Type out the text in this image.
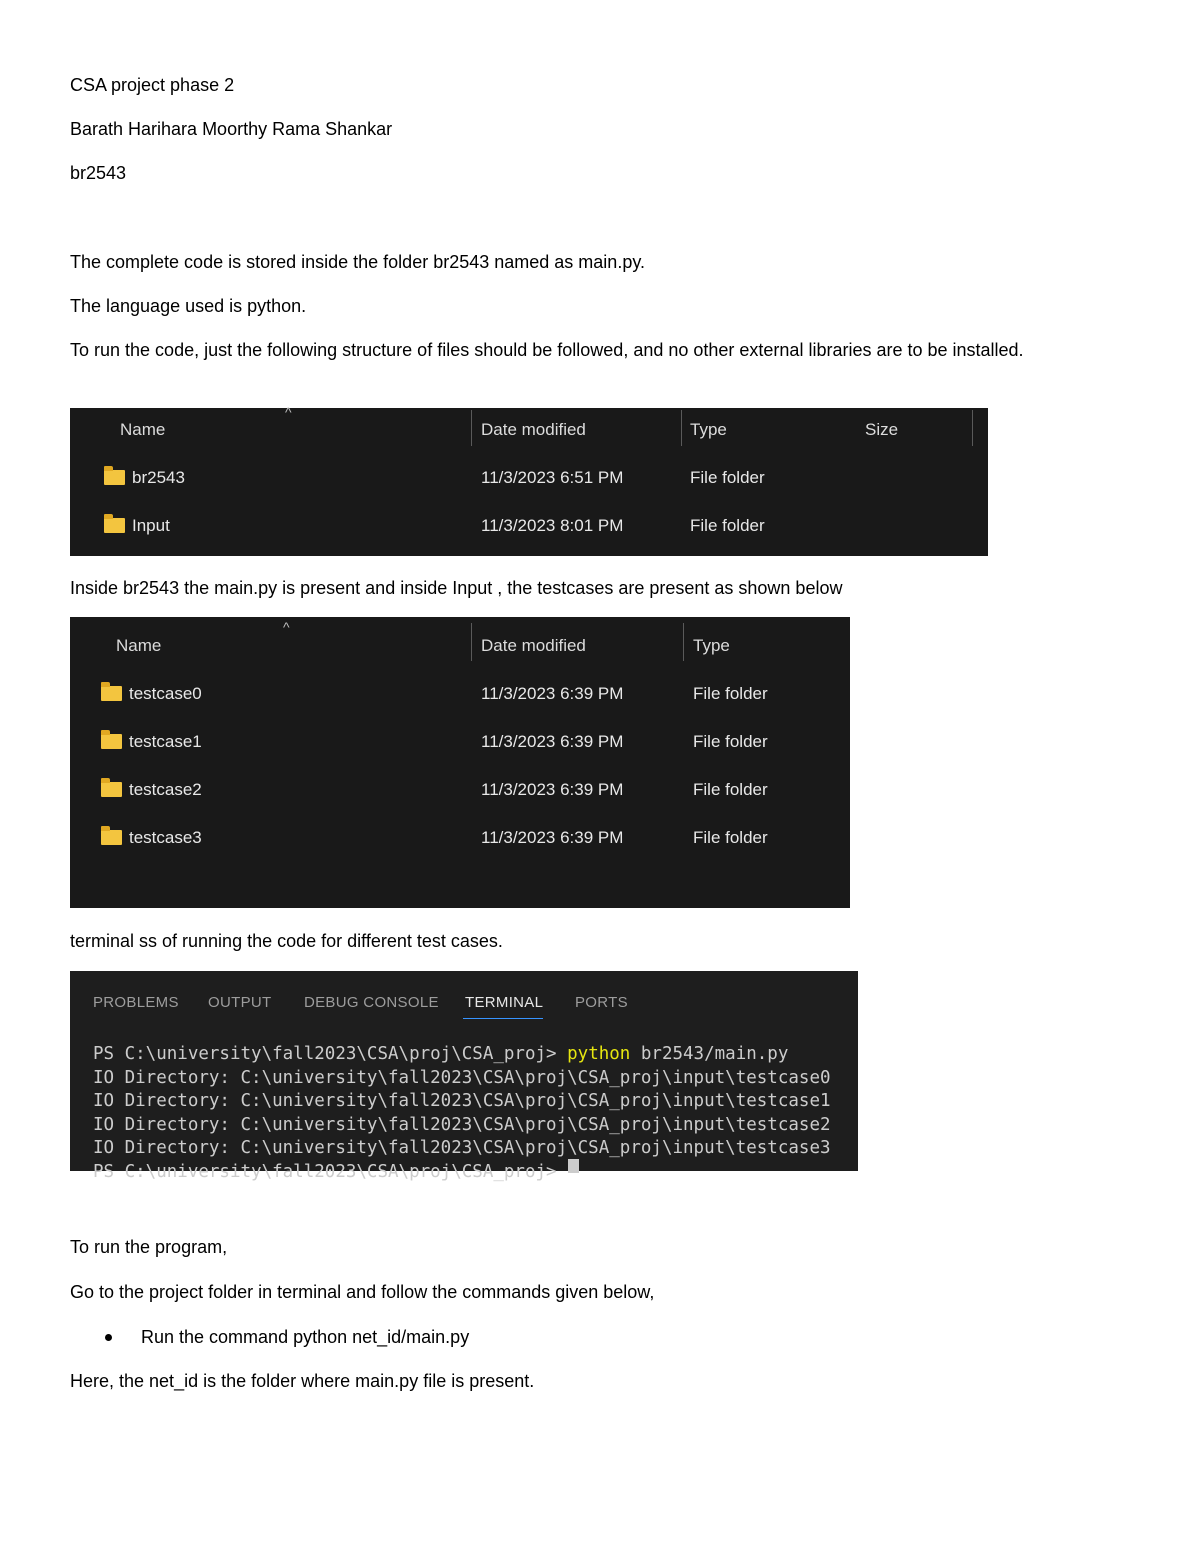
CSA project phase 2

Barath Harihara Moorthy Rama Shankar

br2543

The complete code is stored inside the folder br2543 named as main.py.

The language used is python.

To run the code, just the following structure of files should be followed, and no other external libraries are to be installed.

^
Name	Date modified	Type	Size
br2543	11/3/2023 6:51 PM	File folder
Input	11/3/2023 8:01 PM	File folder

Inside br2543 the main.py is present and inside Input , the testcases are present as shown below

^
Name	Date modified	Type
testcase0	11/3/2023 6:39 PM	File folder
testcase1	11/3/2023 6:39 PM	File folder
testcase2	11/3/2023 6:39 PM	File folder
testcase3	11/3/2023 6:39 PM	File folder

terminal ss of running the code for different test cases.

PROBLEMS OUTPUT DEBUG CONSOLE TERMINAL PORTS
PS C:\university\fall2023\CSA\proj\CSA_proj> python br2543/main.py
IO Directory: C:\university\fall2023\CSA\proj\CSA_proj\input\testcase0
IO Directory: C:\university\fall2023\CSA\proj\CSA_proj\input\testcase1
IO Directory: C:\university\fall2023\CSA\proj\CSA_proj\input\testcase2
IO Directory: C:\university\fall2023\CSA\proj\CSA_proj\input\testcase3
PS C:\university\fall2023\CSA\proj\CSA_proj>

To run the program,

Go to the project folder in terminal and follow the commands given below,

Run the command python net_id/main.py

Here, the net_id is the folder where main.py file is present.
